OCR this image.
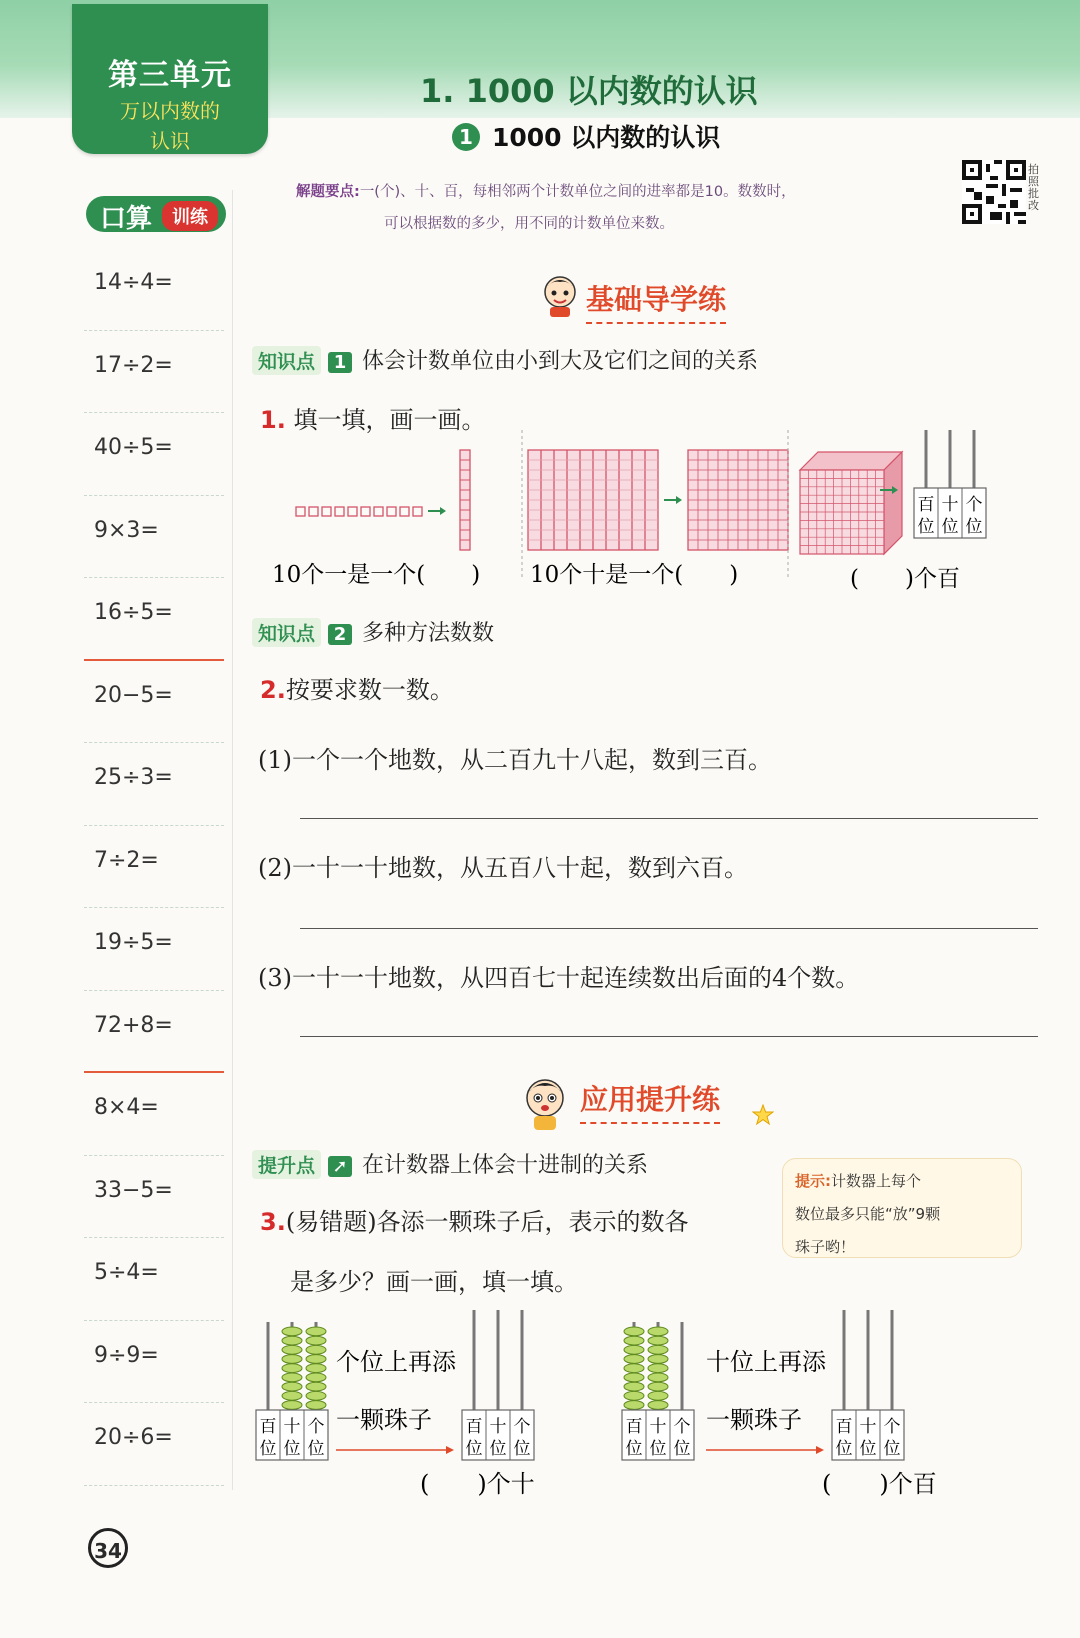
第三单元
万以内数的
认识
1. 1000 以内数的认识
1 1000 以内数的认识
解题要点:一(个)、十、百，每相邻两个计数单位之间的进率都是10。数数时，
可以根据数的多少，用不同的计数单位来数。
拍照批改
口算	训练
14÷4=
17÷2=
40÷5=
9×3=
16÷5=
20−5=
25÷3=
7÷2=
19÷5=
72+8=
8×4=
33−5=
5÷4=
9÷9=
20÷6=
基础导学练
知识点 1 体会计数单位由小到大及它们之间的关系
1. 填一填，画一画。
百 十 个
位 位 位
10个一是一个(　　) 10个十是一个(　　)	(　　)个百
知识点 2 多种方法数数
2.按要求数一数。
(1)一个一个地数，从二百九十八起，数到三百。
(2)一十一十地数，从五百八十起，数到六百。
(3)一十一十地数，从四百七十起连续数出后面的4个数。
应用提升练
提升点 ➚ 在计数器上体会十进制的关系
3.(易错题)各添一颗珠子后，表示的数各
是多少？画一画，填一填。
提示:计数器上每个
数位最多只能“放”9颗
珠子哟！
百 十 个
位 位 位
个位上再添
一颗珠子 百 十 个
位 位 位
(　　)个十
百 十 个
位 位 位
十位上再添
一颗珠子 百 十 个
位 位 位
(　　)个百
34
